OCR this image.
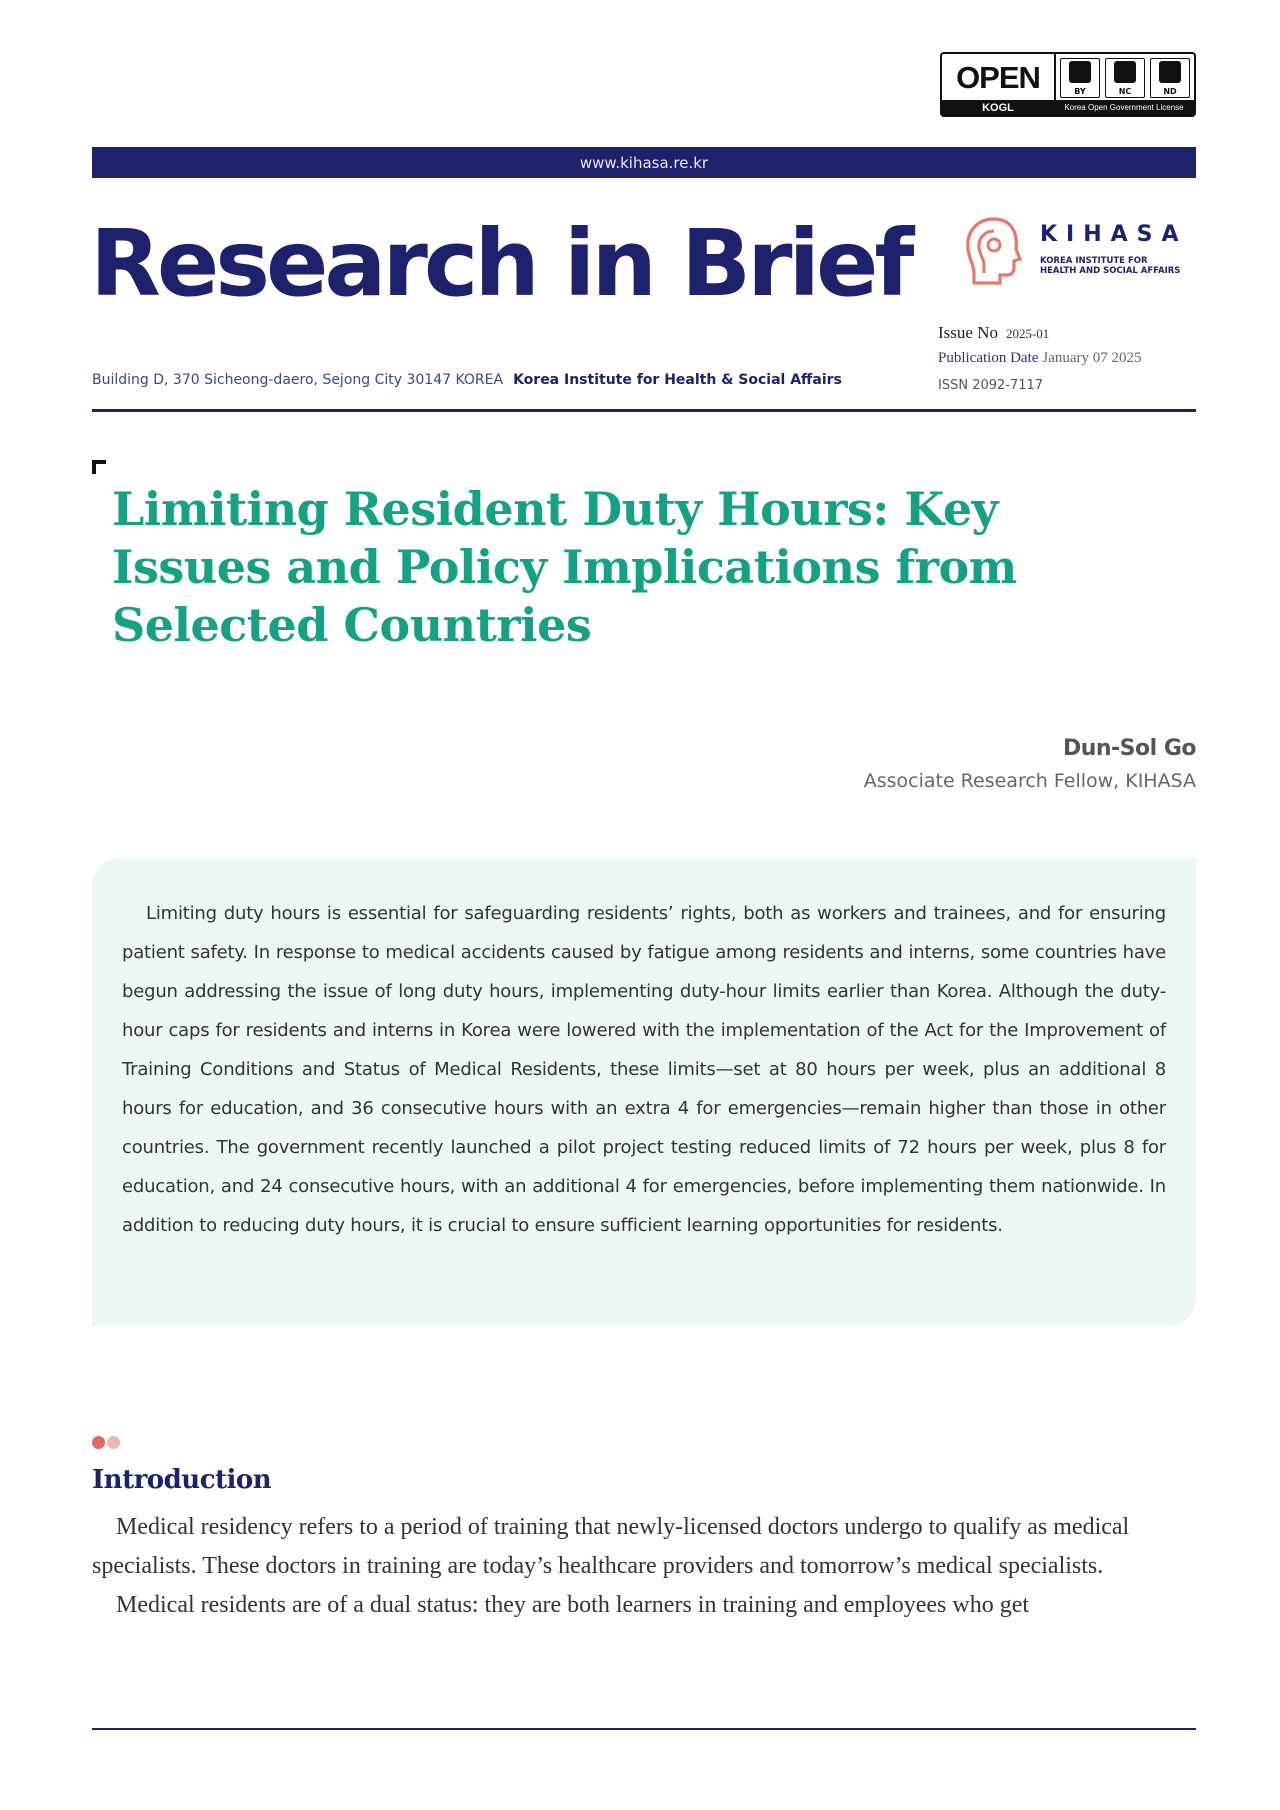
OPEN	BY	NC	ND
KOGL	Korea Open Government License
www.kihasa.re.kr
Research in Brief	KIHASA
KOREA INSTITUTE FOR
HEALTH AND SOCIAL AFFAIRS
Issue No 2025-01
Publication Date January 07 2025
ISSN 2092-7117
Building D, 370 Sicheong-daero, Sejong City 30147 KOREA Korea Institute for Health & Social Affairs
Limiting Resident Duty Hours: Key Issues and Policy Implications from Selected Countries
Dun-Sol Go
Associate Research Fellow, KIHASA

Limiting duty hours is essential for safeguarding residents’ rights, both as workers and trainees, and for ensuring patient safety. In response to medical accidents caused by fatigue among residents and interns, some countries have begun addressing the issue of long duty hours, implementing duty-hour limits earlier than Korea. Although the duty-hour caps for residents and interns in Korea were lowered with the implementation of the Act for the Improvement of Training Conditions and Status of Medical Residents, these limits—set at 80 hours per week, plus an additional 8 hours for education, and 36 consecutive hours with an extra 4 for emergencies—remain higher than those in other countries. The government recently launched a pilot project testing reduced limits of 72 hours per week, plus 8 for education, and 24 consecutive hours, with an additional 4 for emergencies, before implementing them nationwide. In addition to reducing duty hours, it is crucial to ensure sufficient learning opportunities for residents.

Introduction

Medical residency refers to a period of training that newly-licensed doctors undergo to qualify as medical specialists. These doctors in training are today’s healthcare providers and tomorrow’s medical specialists.

Medical residents are of a dual status: they are both learners in training and employees who get
